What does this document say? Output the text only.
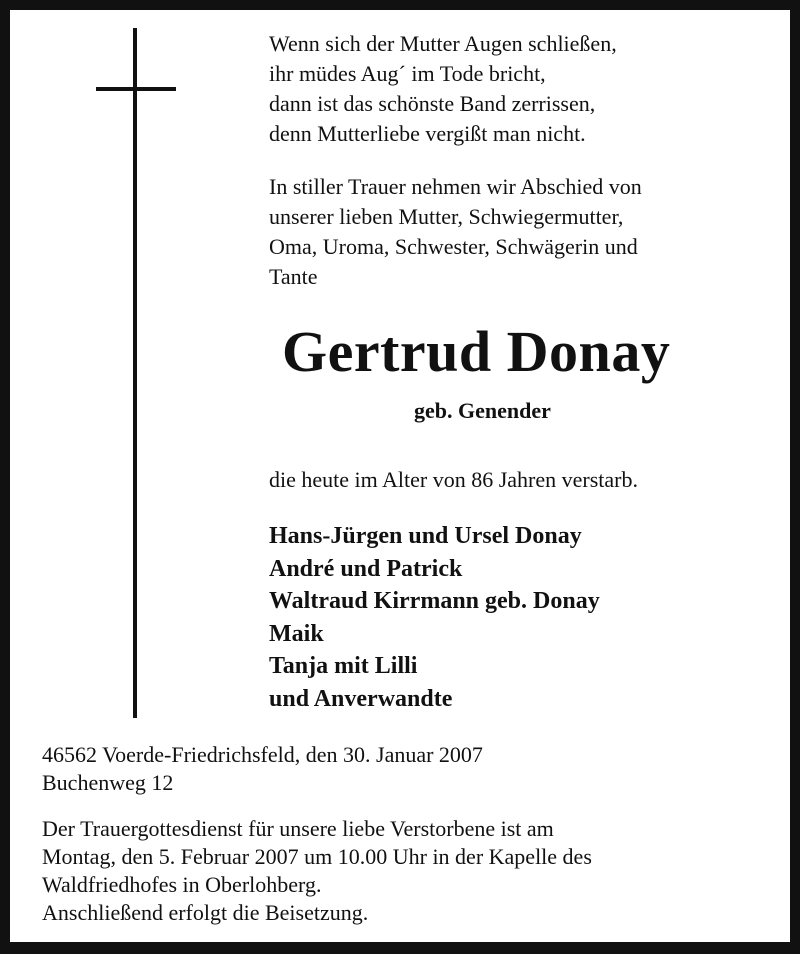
Wenn sich der Mutter Augen schließen,
ihr müdes Aug´ im Tode bricht,
dann ist das schönste Band zerrissen,
denn Mutterliebe vergißt man nicht.
In stiller Trauer nehmen wir Abschied von
unserer lieben Mutter, Schwiegermutter,
Oma, Uroma, Schwester, Schwägerin und
Tante
Gertrud Donay
geb. Genender
die heute im Alter von 86 Jahren verstarb.
Hans-Jürgen und Ursel Donay
André und Patrick
Waltraud Kirrmann geb. Donay
Maik
Tanja mit Lilli
und Anverwandte
46562 Voerde-Friedrichsfeld, den 30. Januar 2007
Buchenweg 12
Der Trauergottesdienst für unsere liebe Verstorbene ist am
Montag, den 5. Februar 2007 um 10.00 Uhr in der Kapelle des
Waldfriedhofes in Oberlohberg.
Anschließend erfolgt die Beisetzung.
